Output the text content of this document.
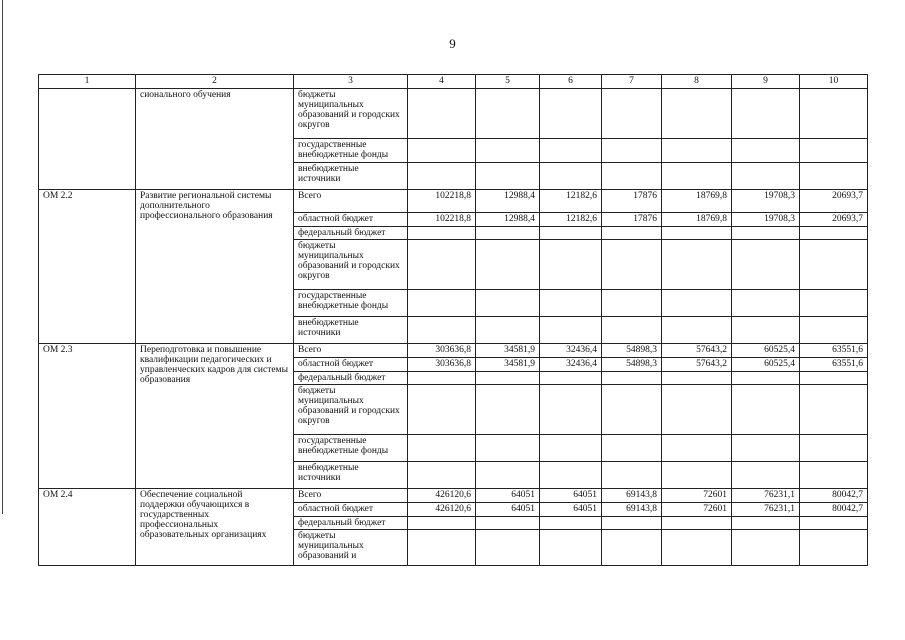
9
1	2	3	4	5	6	7	8	9	10
	сионального обучения	бюджеты муниципальных образований и городских округов							
		государственные внебюджетные фонды							
		внебюджетные источники							
ОМ 2.2	Развитие региональной системы дополнительного профессионального образования	Всего	102218,8	12988,4	12182,6	17876	18769,8	19708,3	20693,7
		областной бюджет	102218,8	12988,4	12182,6	17876	18769,8	19708,3	20693,7
		федеральный бюджет							
		бюджеты муниципальных образований и городских округов							
		государственные внебюджетные фонды							
		внебюджетные источники							
ОМ 2.3	Переподготовка и повышение квалификации педагогических и управленческих кадров для системы образования	Всего	303636,8	34581,9	32436,4	54898,3	57643,2	60525,4	63551,6
		областной бюджет	303636,8	34581,9	32436,4	54898,3	57643,2	60525,4	63551,6
		федеральный бюджет							
		бюджеты муниципальных образований и городских округов							
		государственные внебюджетные фонды							
		внебюджетные источники							
ОМ 2.4	Обеспечение социальной поддержки обучающихся в государственных профессиональных образовательных организациях	Всего	426120,6	64051	64051	69143,8	72601	76231,1	80042,7
		областной бюджет	426120,6	64051	64051	69143,8	72601	76231,1	80042,7
		федеральный бюджет							
		бюджеты муниципальных образований и							
